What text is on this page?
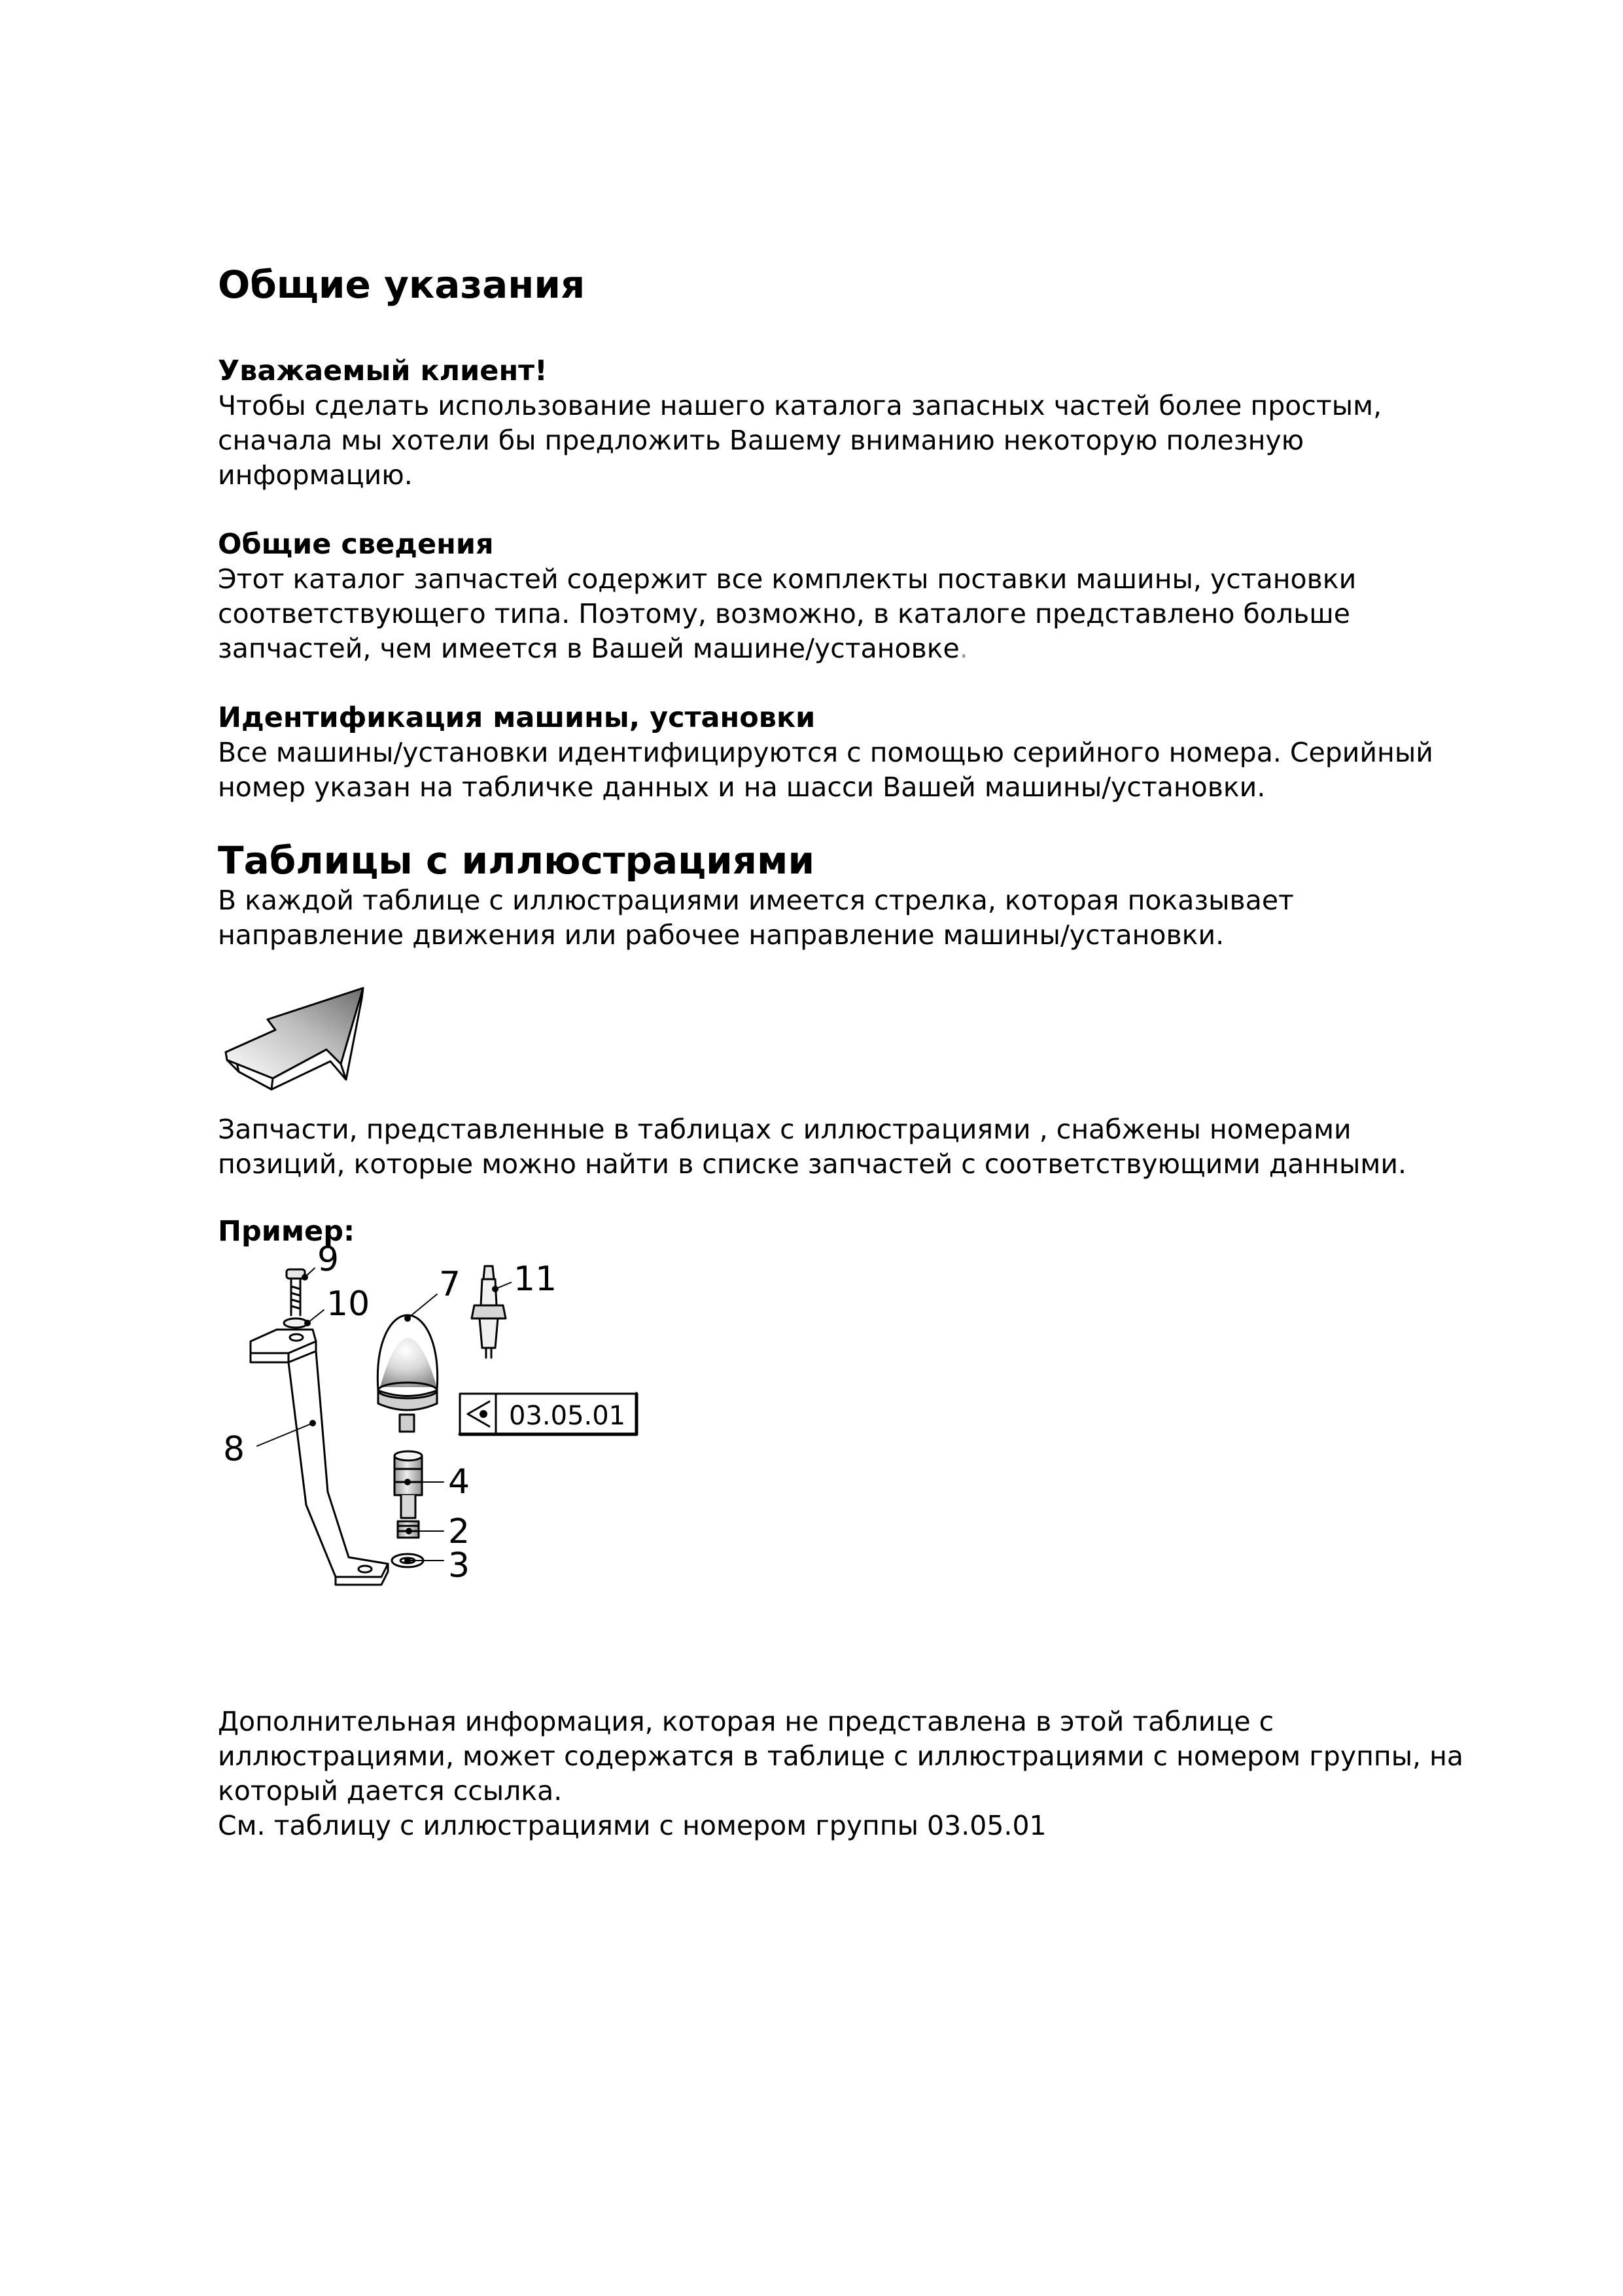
Общие указания
Уважаемый клиент!

Чтобы сделать использование нашего каталога запасных частей более простым,
сначала мы хотели бы предложить Вашему вниманию некоторую полезную
информацию.

Общие сведения

Этот каталог запчастей содержит все комплекты поставки машины, установки
соответствующего типа. Поэтому, возможно, в каталоге представлено больше
запчастей, чем имеется в Вашей машине/установке.

Идентификация машины, установки

Все машины/установки идентифицируются с помощью серийного номера. Серийный
номер указан на табличке данных и на шасси Вашей машины/установки.

Таблицы с иллюстрациями

В каждой таблице с иллюстрациями имеется стрелка, которая показывает
направление движения или рабочее направление машины/установки.

Запчасти, представленные в таблицах с иллюстрациями , снабжены номерами
позиций, которые можно найти в списке запчастей с соответствующими данными.

Пример:
03.05.01
9
10 7 11
8
4
2
3

Дополнительная информация, которая не представлена в этой таблице с
иллюстрациями, может содержатся в таблице с иллюстрациями с номером группы, на
который дается ссылка.
См. таблицу с иллюстрациями с номером группы 03.05.01
